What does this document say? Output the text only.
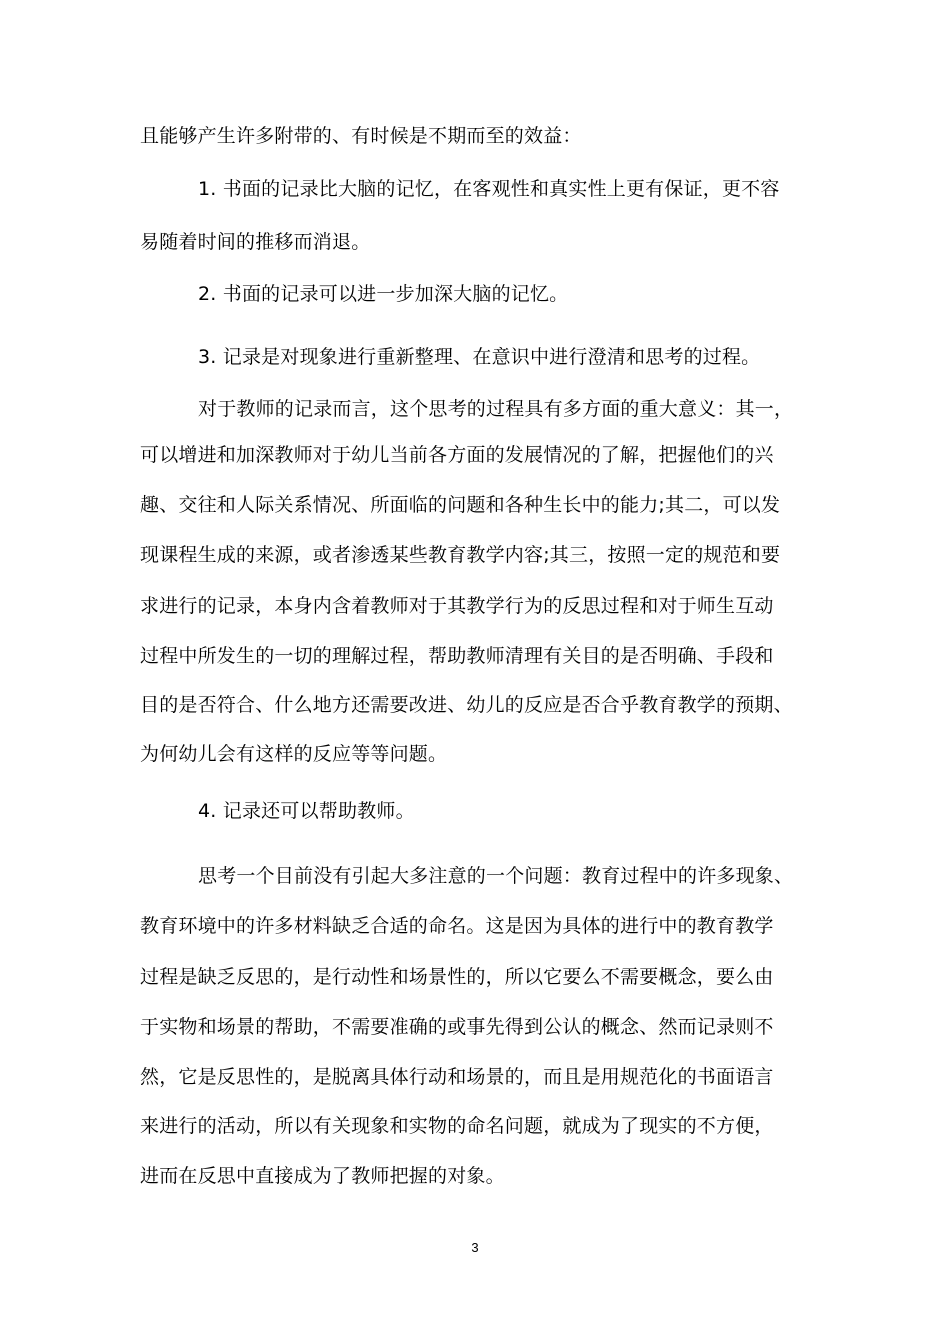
且能够产生许多附带的、有时候是不期而至的效益：
1. 书面的记录比大脑的记忆，在客观性和真实性上更有保证，更不容
易随着时间的推移而消退。
2. 书面的记录可以进一步加深大脑的记忆。
3. 记录是对现象进行重新整理、在意识中进行澄清和思考的过程。
对于教师的记录而言，这个思考的过程具有多方面的重大意义：其一，
可以增进和加深教师对于幼儿当前各方面的发展情况的了解，把握他们的兴
趣、交往和人际关系情况、所面临的问题和各种生长中的能力;其二，可以发
现课程生成的来源，或者渗透某些教育教学内容;其三，按照一定的规范和要
求进行的记录，本身内含着教师对于其教学行为的反思过程和对于师生互动
过程中所发生的一切的理解过程，帮助教师清理有关目的是否明确、手段和
目的是否符合、什么地方还需要改进、幼儿的反应是否合乎教育教学的预期、
为何幼儿会有这样的反应等等问题。
4. 记录还可以帮助教师。
思考一个目前没有引起大多注意的一个问题：教育过程中的许多现象、
教育环境中的许多材料缺乏合适的命名。这是因为具体的进行中的教育教学
过程是缺乏反思的，是行动性和场景性的，所以它要么不需要概念，要么由
于实物和场景的帮助，不需要准确的或事先得到公认的概念、然而记录则不
然，它是反思性的，是脱离具体行动和场景的，而且是用规范化的书面语言
来进行的活动，所以有关现象和实物的命名问题，就成为了现实的不方便，
进而在反思中直接成为了教师把握的对象。
3
